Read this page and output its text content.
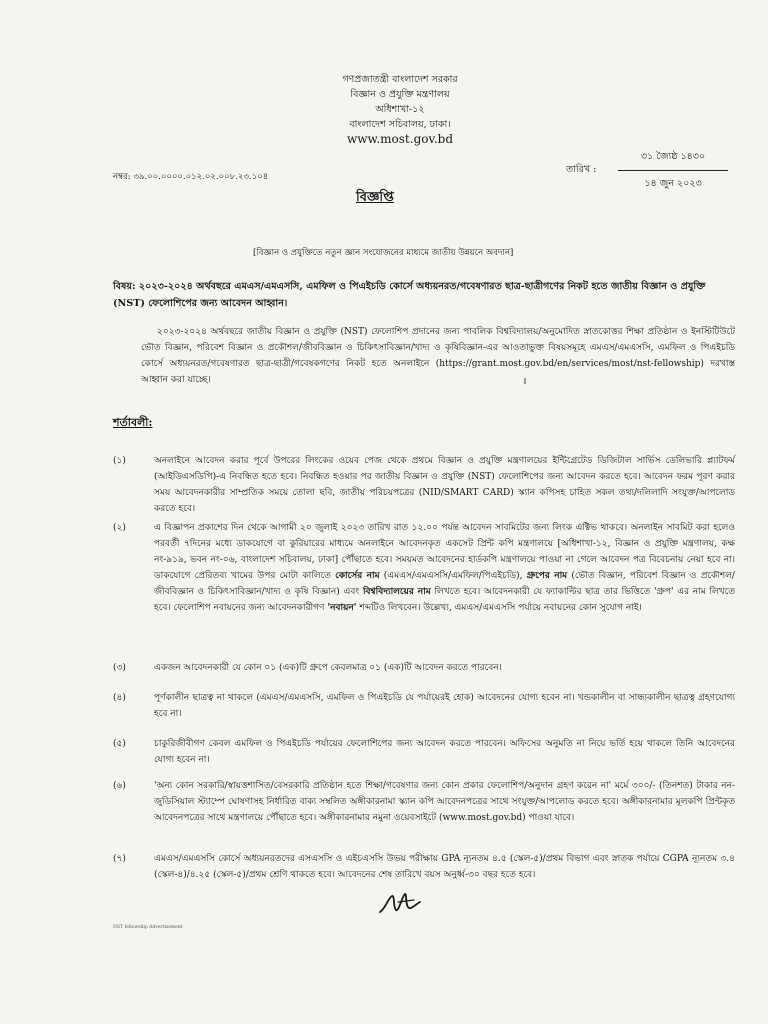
গণপ্রজাতন্ত্রী বাংলাদেশ সরকার
বিজ্ঞান ও প্রযুক্তি মন্ত্রণালয়
অধিশাখা-১২
বাংলাদেশ সচিবালয়, ঢাকা।
www.most.gov.bd
নম্বর: ৩৯.০০.০০০০.০১২.০২.০০৮.২৩.১০৪
তারিখ :
৩১ জ্যৈষ্ঠ ১৪৩০
১৪ জুন ২০২৩
বিজ্ঞপ্তি
[বিজ্ঞান ও প্রযুক্তিতে নতুন জ্ঞান সংযোজনের মাধ্যমে জাতীয় উন্নয়নে অবদান]
বিষয়: ২০২৩-২০২৪ অর্থবছরে এমএস/এমএসসি, এমফিল ও পিএইচডি কোর্সে অধ্যয়নরত/গবেষণারত ছাত্র-ছাত্রীগণের নিকট হতে জাতীয় বিজ্ঞান ও প্রযুক্তি (NST) ফেলোশিপের জন্য আবেদন আহ্বান।
২০২৩-২০২৪ অর্থবছরে জাতীয় বিজ্ঞান ও প্রযুক্তি (NST) ফেলোশিপ প্রদানের জন্য পাবলিক বিশ্ববিদ্যালয়/অনুমোদিত স্নাতকোত্তর শিক্ষা প্রতিষ্ঠান ও ইনস্টিটিউটে ভৌত বিজ্ঞান, পরিবেশ বিজ্ঞান ও প্রকৌশল/জীববিজ্ঞান ও চিকিৎসাবিজ্ঞান/খাদ্য ও কৃষিবিজ্ঞান-এর আওতাভুক্ত বিষয়সমূহে এমএস/এমএসসি, এমফিল ও পিএইচডি কোর্সে অধ্যয়নরত/গবেষণারত ছাত্র-ছাত্রী/গবেষকগণের নিকট হতে অনলাইনে (https://grant.most.gov.bd/en/services/most/nst-fellowship) দরখাস্ত আহ্বান করা যাচ্ছে।
শর্তাবলী:
(১)	অনলাইনে আবেদন করার পূর্বে উপরের লিংকের ওয়েব পেজ থেকে প্রথমে বিজ্ঞান ও প্রযুক্তি মন্ত্রণালয়ের ইন্টিগ্রেটেড ডিজিটাল সার্ভিস ডেলিভারি প্ল্যাটফর্ম (আইডিএসডিপি)-এ নিবন্ধিত হতে হবে। নিবন্ধিত হওয়ার পর জাতীয় বিজ্ঞান ও প্রযুক্তি (NST) ফেলোশিপের জন্য আবেদন করতে হবে। আবেদন ফরম পূরণ করার সময় আবেদনকারীর সাম্প্রতিক সময়ে তোলা ছবি, জাতীয় পরিচয়পত্রের (NID/SMART CARD) স্ক্যান কপিসহ চাহিত সকল তথ্য/দলিলাদি সংযুক্ত/আপলোড করতে হবে।
(২)	এ বিজ্ঞাপন প্রকাশের দিন থেকে আগামী ২০ জুলাই ২০২৩ তারিখ রাত ১২.০০ পর্যন্ত আবেদন সাবমিটের জন্য লিংক এক্টিভ থাকবে। অনলাইন সাবমিট করা হলেও পরবর্তী ৭দিনের মধ্যে ডাকযোগে বা কুরিয়ারের মাধ্যমে অনলাইনে আবেদনকৃত একসেট প্রিন্ট কপি মন্ত্রণালয়ে [অধিশাখা-১২, বিজ্ঞান ও প্রযুক্তি মন্ত্রণালয়, কক্ষ নং-৯১৯, ভবন নং-০৬, বাংলাদেশ সচিবালয়, ঢাকা] পৌঁছাতে হবে। সময়মত আবেদনের হার্ডকপি মন্ত্রণালয়ে পাওয়া না গেলে আবেদন পত্র বিবেচনায় নেয়া হবে না। ডাকযোগে প্রেরিতব্য খামের উপর মোটা কালিতে কোর্সের নাম (এমএস/এমএসসি/এমফিল/পিএইচডি), গ্রুপের নাম (ভৌত বিজ্ঞান, পরিবেশ বিজ্ঞান ও প্রকৌশল/জীববিজ্ঞান ও চিকিৎসাবিজ্ঞান/খাদ্য ও কৃষি বিজ্ঞান) এবং বিশ্ববিদ্যালয়ের নাম লিখতে হবে। আবেদনকারী যে ফ্যাকাল্টির ছাত্র তার ভিত্তিতে 'গ্রুপ' এর নাম লিখতে হবে। ফেলোশিপ নবায়নের জন্য আবেদনকারীগণ 'নবায়ন' শব্দটিও লিখবেন। উল্লেখ্য, এমএস/এমএসসি পর্যায়ে নবায়নের কোন সুযোগ নাই।
(৩)	একজন আবেদনকারী যে কোন ০১ (এক)টি গ্রুপে কেবলমাত্র ০১ (এক)টি আবেদন করতে পারবেন।
(৪)	পূর্ণকালীন ছাত্রত্ব না থাকলে (এমএস/এমএসসি, এমফিল ও পিএইচডি যে পর্যায়েরই হোক) আবেদনের যোগ্য হবেন না। খন্ডকালীন বা সান্ধ্যকালীন ছাত্রত্ব গ্রহণযোগ্য হবে না।
(৫)	চাকুরিজীবীগণ কেবল এমফিল ও পিএইচডি পর্যায়ের ফেলোশিপের জন্য আবেদন করতে পারবেন। অফিসের অনুমতি না নিয়ে ভর্তি হয়ে থাকলে তিনি আবেদনের যোগ্য হবেন না।
(৬)	'অন্য কোন সরকারি/স্বায়ত্তশাসিত/বেসরকারি প্রতিষ্ঠান হতে শিক্ষা/গবেষণার জন্য কোন প্রকার ফেলোশিপ/অনুদান গ্রহণ করেন না' মর্মে ৩০০/- (তিনশত) টাকার নন-জুডিসিয়াল স্ট্যাম্পে ঘোষণাসহ নির্ধারিত বাক্য সম্বলিত অঙ্গীকারনামা স্ক্যান কপি আবেদনপত্রের সাথে সংযুক্ত/আপলোড করতে হবে। অঙ্গীকারনামার মূলকপি প্রিন্টকৃত আবেদনপত্রের সাথে মন্ত্রণালয়ে পৌঁছাতে হবে। অঙ্গীকারনামার নমুনা ওয়েবসাইটে (www.most.gov.bd) পাওয়া যাবে।
(৭)	এমএস/এমএসসি কোর্সে অধ্যয়নরতদের এসএসসি ও এইচএসসি উভয় পরীক্ষায় GPA ন্যূনতম ৪.৫ (স্কেল-৫)/প্রথম বিভাগ এবং স্নাতক পর্যায়ে CGPA ন্যূনতম ৩.৪ (স্কেল-৪)/৪.২৫ (স্কেল-৫)/প্রথম শ্রেণি থাকতে হবে। আবেদনের শেষ তারিখে বয়স অনুর্ধ্ব-৩০ বছর হতে হবে।
NST fellowship Advertisement
